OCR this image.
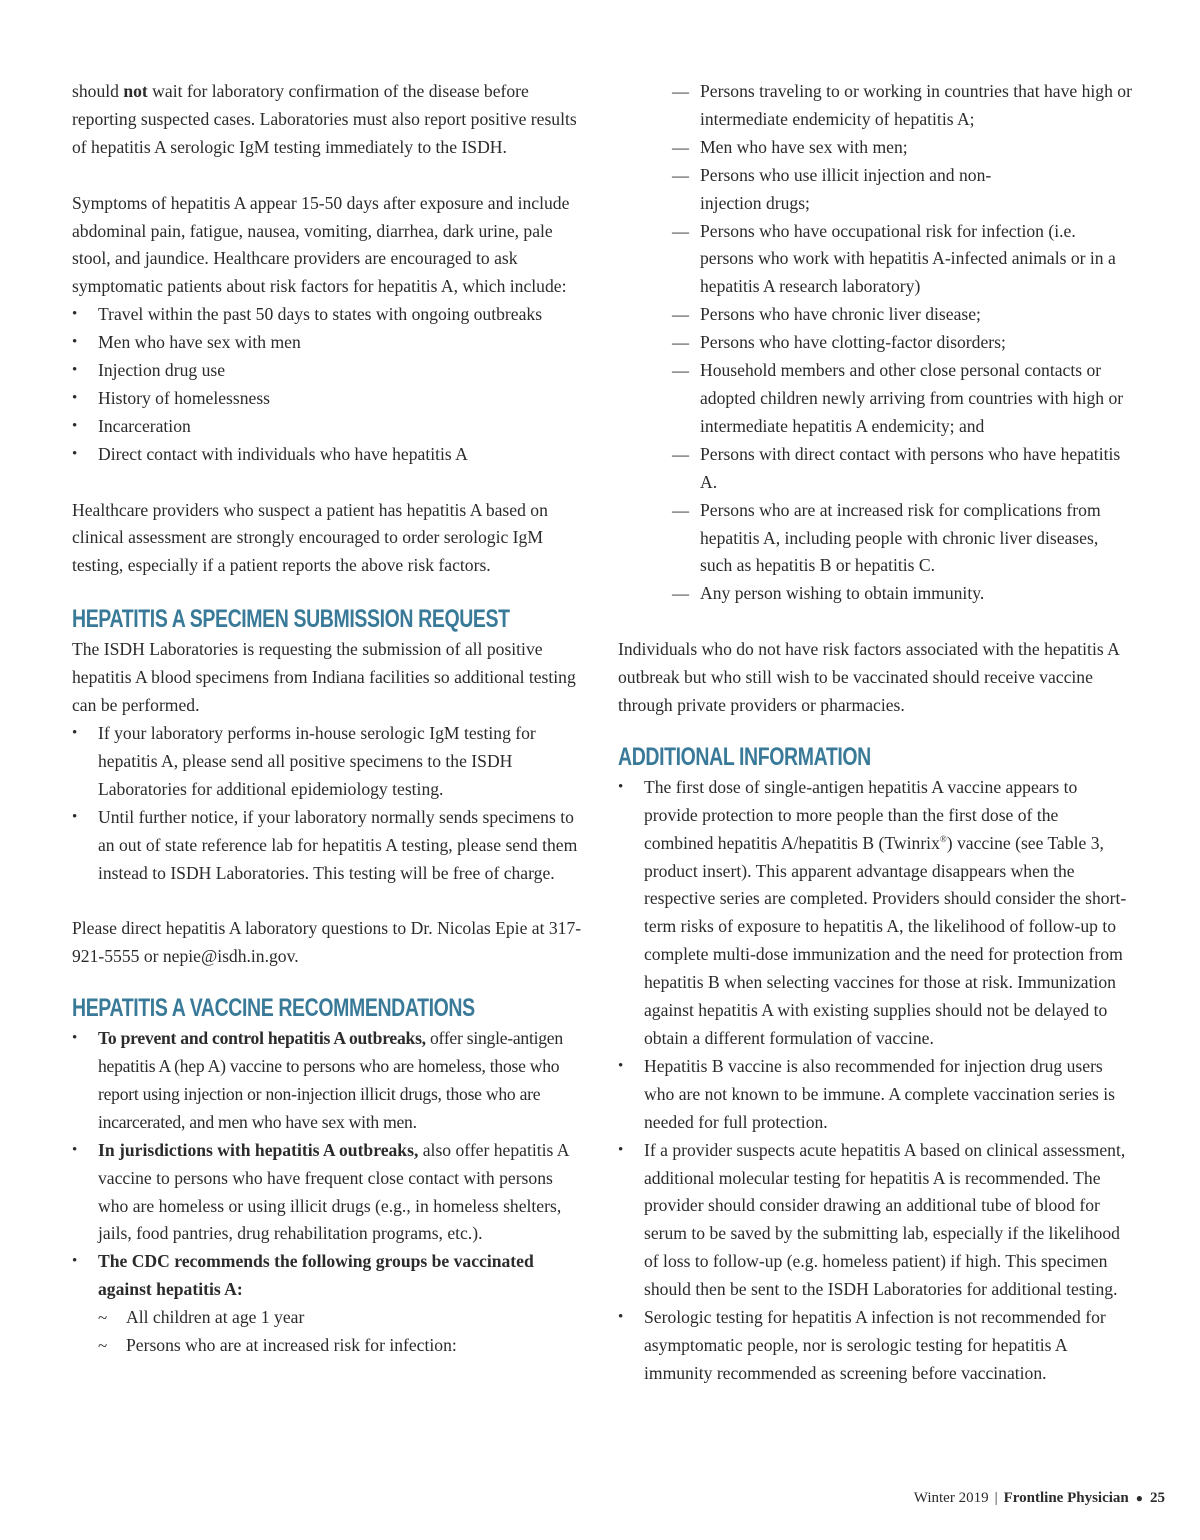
should not wait for laboratory confirmation of the disease before reporting suspected cases. Laboratories must also report positive results of hepatitis A serologic IgM testing immediately to the ISDH.

Symptoms of hepatitis A appear 15-50 days after exposure and include abdominal pain, fatigue, nausea, vomiting, diarrhea, dark urine, pale stool, and jaundice. Healthcare providers are encouraged to ask symptomatic patients about risk factors for hepatitis A, which include:

• Travel within the past 50 days to states with ongoing outbreaks
• Men who have sex with men
• Injection drug use
• History of homelessness
• Incarceration
• Direct contact with individuals who have hepatitis A

Healthcare providers who suspect a patient has hepatitis A based on clinical assessment are strongly encouraged to order serologic IgM testing, especially if a patient reports the above risk factors.

HEPATITIS A SPECIMEN SUBMISSION REQUEST

The ISDH Laboratories is requesting the submission of all positive hepatitis A blood specimens from Indiana facilities so additional testing can be performed.

• If your laboratory performs in-house serologic IgM testing for hepatitis A, please send all positive specimens to the ISDH Laboratories for additional epidemiology testing.
• Until further notice, if your laboratory normally sends specimens to an out of state reference lab for hepatitis A testing, please send them instead to ISDH Laboratories. This testing will be free of charge.

Please direct hepatitis A laboratory questions to Dr. Nicolas Epie at 317-921-5555 or nepie@isdh.in.gov.

HEPATITIS A VACCINE RECOMMENDATIONS
• To prevent and control hepatitis A outbreaks, offer single-antigen hepatitis A (hep A) vaccine to persons who are homeless, those who report using injection or non-injection illicit drugs, those who are incarcerated, and men who have sex with men.
• In jurisdictions with hepatitis A outbreaks, also offer hepatitis A vaccine to persons who have frequent close contact with persons who are homeless or using illicit drugs (e.g., in homeless shelters, jails, food pantries, drug rehabilitation programs, etc.).
• The CDC recommends the following groups be vaccinated against hepatitis A:
~ All children at age 1 year
~ Persons who are at increased risk for infection:
— Persons traveling to or working in countries that have high or intermediate endemicity of hepatitis A;
— Men who have sex with men;
— Persons who use illicit injection and non-injection drugs;
— Persons who have occupational risk for infection (i.e. persons who work with hepatitis A-infected animals or in a hepatitis A research laboratory)
— Persons who have chronic liver disease;
— Persons who have clotting-factor disorders;
— Household members and other close personal contacts or adopted children newly arriving from countries with high or intermediate hepatitis A endemicity; and
— Persons with direct contact with persons who have hepatitis A.
— Persons who are at increased risk for complications from hepatitis A, including people with chronic liver diseases, such as hepatitis B or hepatitis C.
— Any person wishing to obtain immunity.

Individuals who do not have risk factors associated with the hepatitis A outbreak but who still wish to be vaccinated should receive vaccine through private providers or pharmacies.

ADDITIONAL INFORMATION
• The first dose of single-antigen hepatitis A vaccine appears to provide protection to more people than the first dose of the combined hepatitis A/hepatitis B (Twinrix®) vaccine (see Table 3, product insert). This apparent advantage disappears when the respective series are completed. Providers should consider the short-term risks of exposure to hepatitis A, the likelihood of follow-up to complete multi-dose immunization and the need for protection from hepatitis B when selecting vaccines for those at risk. Immunization against hepatitis A with existing supplies should not be delayed to obtain a different formulation of vaccine.
• Hepatitis B vaccine is also recommended for injection drug users who are not known to be immune. A complete vaccination series is needed for full protection.
• If a provider suspects acute hepatitis A based on clinical assessment, additional molecular testing for hepatitis A is recommended. The provider should consider drawing an additional tube of blood for serum to be saved by the submitting lab, especially if the likelihood of loss to follow-up (e.g. homeless patient) if high. This specimen should then be sent to the ISDH Laboratories for additional testing.
• Serologic testing for hepatitis A infection is not recommended for asymptomatic people, nor is serologic testing for hepatitis A immunity recommended as screening before vaccination.
Winter 2019 | Frontline Physician ● 25
